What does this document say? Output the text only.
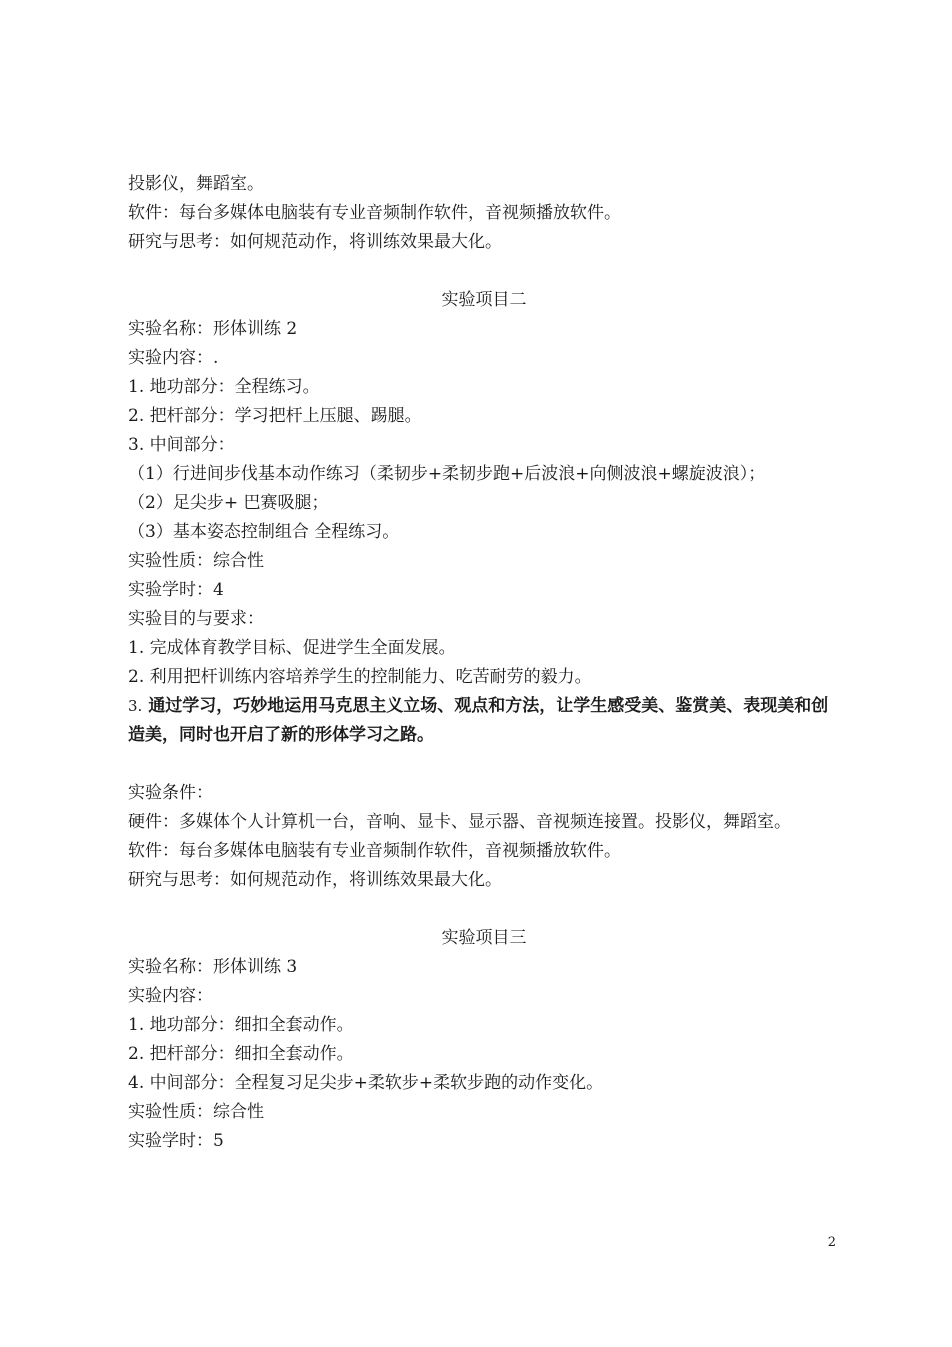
投影仪，舞蹈室。
软件：每台多媒体电脑装有专业音频制作软件，音视频播放软件。
研究与思考：如何规范动作，将训练效果最大化。
实验项目二
实验名称：形体训练 2
实验内容：.
1. 地功部分：全程练习。
2. 把杆部分：学习把杆上压腿、踢腿。
3. 中间部分：
（1）行进间步伐基本动作练习（柔韧步+柔韧步跑+后波浪+向侧波浪+螺旋波浪）；
（2）足尖步+ 巴赛吸腿；
（3）基本姿态控制组合 全程练习。
实验性质：综合性
实验学时：4
实验目的与要求：
1. 完成体育教学目标、促进学生全面发展。
2. 利用把杆训练内容培养学生的控制能力、吃苦耐劳的毅力。
3. 通过学习，巧妙地运用马克思主义立场、观点和方法，让学生感受美、鉴赏美、表现美和创造美，同时也开启了新的形体学习之路。
实验条件：
硬件：多媒体个人计算机一台，音响、显卡、显示器、音视频连接置。投影仪，舞蹈室。
软件：每台多媒体电脑装有专业音频制作软件，音视频播放软件。
研究与思考：如何规范动作，将训练效果最大化。
实验项目三
实验名称：形体训练 3
实验内容：
1. 地功部分：细扣全套动作。
2. 把杆部分：细扣全套动作。
4. 中间部分：全程复习足尖步+柔软步+柔软步跑的动作变化。
实验性质：综合性
实验学时：5
2
